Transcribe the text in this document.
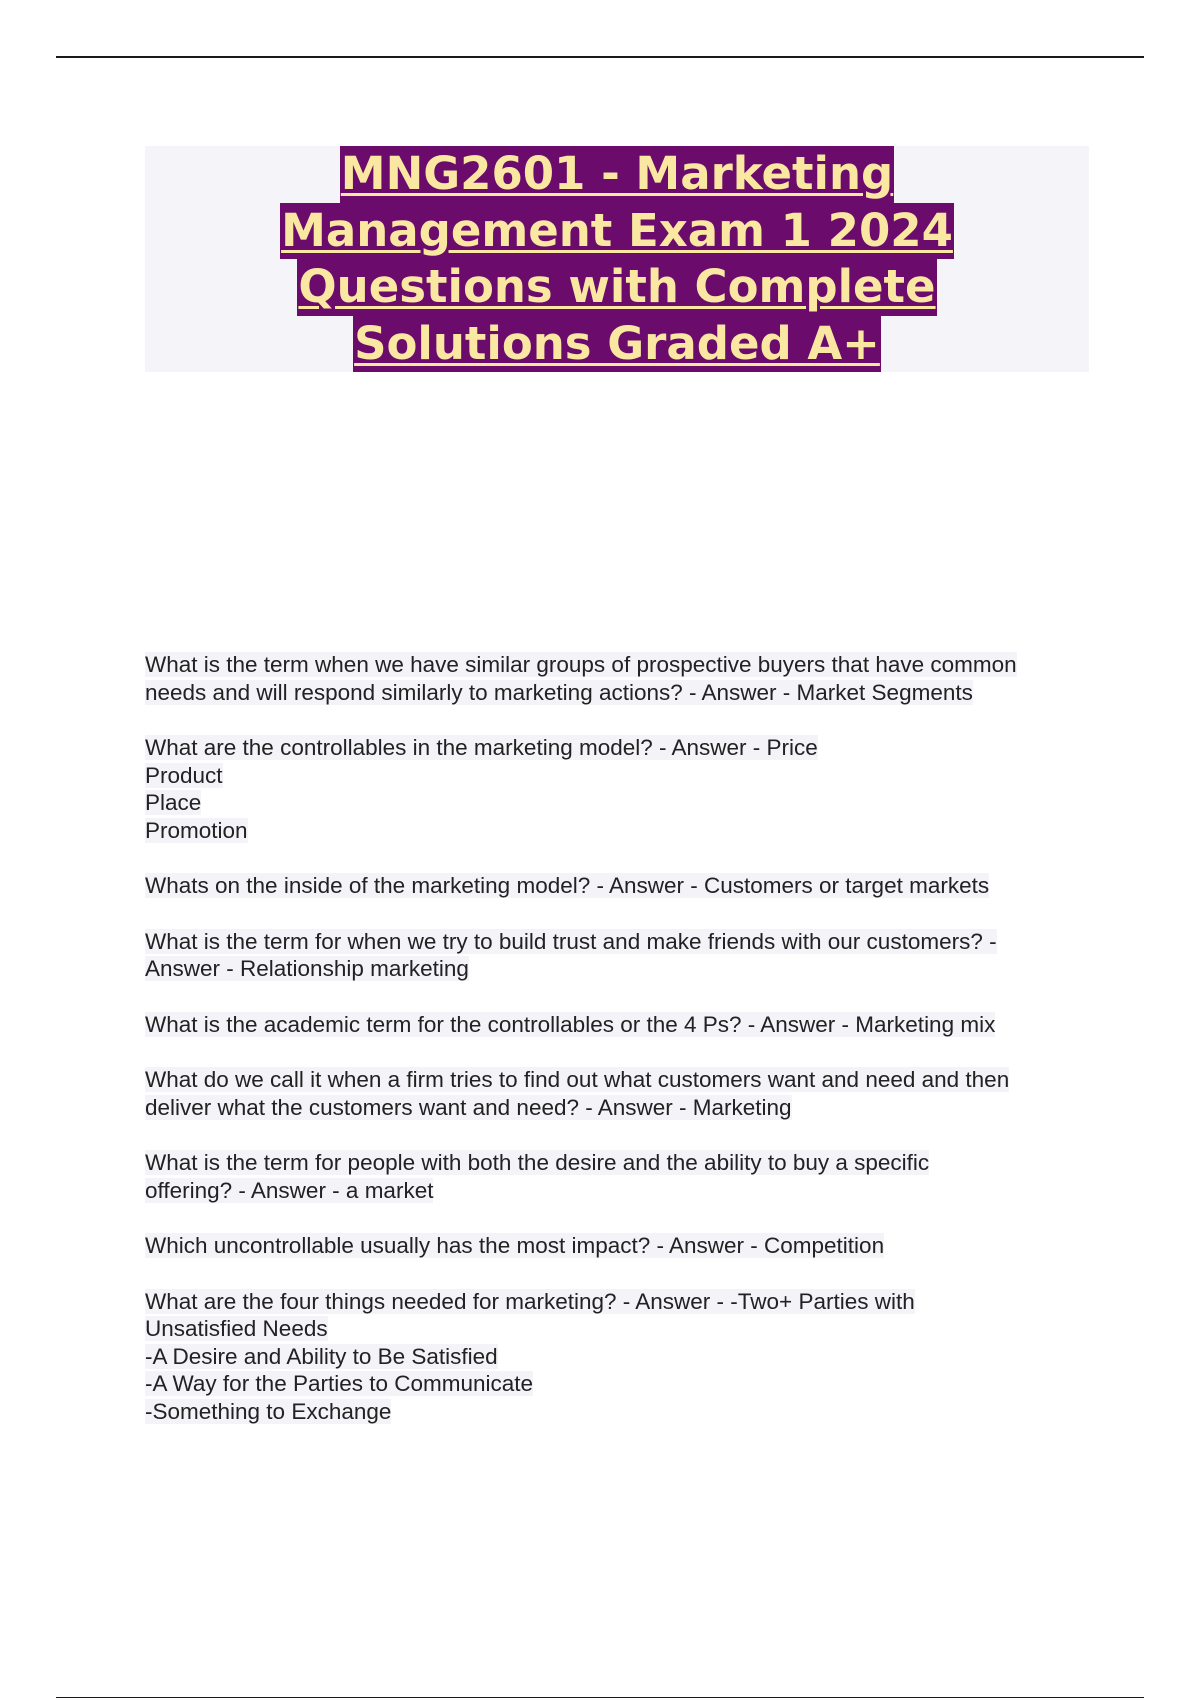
MNG2601 - Marketing
Management Exam 1 2024
Questions with Complete
Solutions Graded A+
What is the term when we have similar groups of prospective buyers that have common
needs and will respond similarly to marketing actions? - Answer - Market Segments
What are the controllables in the marketing model? - Answer - Price
Product
Place
Promotion
Whats on the inside of the marketing model? - Answer - Customers or target markets
What is the term for when we try to build trust and make friends with our customers? -
Answer - Relationship marketing
What is the academic term for the controllables or the 4 Ps? - Answer - Marketing mix
What do we call it when a firm tries to find out what customers want and need and then
deliver what the customers want and need? - Answer - Marketing
What is the term for people with both the desire and the ability to buy a specific
offering? - Answer - a market
Which uncontrollable usually has the most impact? - Answer - Competition
What are the four things needed for marketing? - Answer - -Two+ Parties with
Unsatisfied Needs
-A Desire and Ability to Be Satisfied
-A Way for the Parties to Communicate
-Something to Exchange
